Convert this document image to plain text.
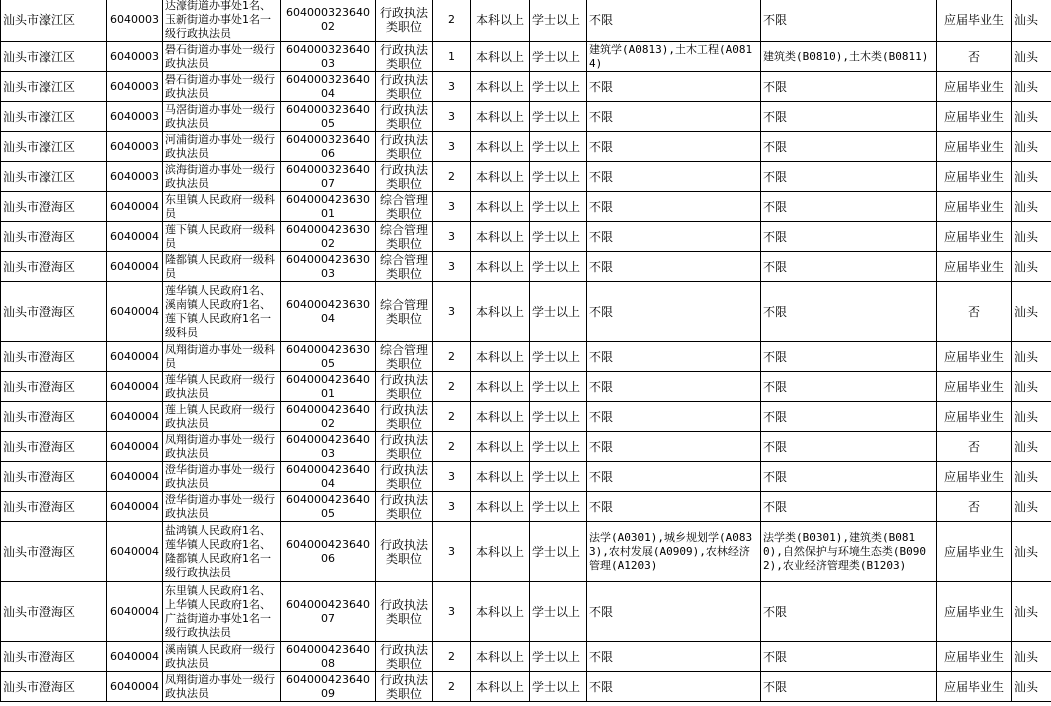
汕头市濠江区	6040003	达濠街道办事处1名、玉新街道办事处1名一级行政执法员	60400032364002	行政执法类职位	2	本科以上	学士以上	不限	不限	应届毕业生	汕头
汕头市濠江区	6040003	礐石街道办事处一级行政执法员	60400032364003	行政执法类职位	1	本科以上	学士以上	建筑学(A0813),土木工程(A0814)	建筑类(B0810),土木类(B0811)	否	汕头
汕头市濠江区	6040003	礐石街道办事处一级行政执法员	60400032364004	行政执法类职位	3	本科以上	学士以上	不限	不限	应届毕业生	汕头
汕头市濠江区	6040003	马滘街道办事处一级行政执法员	60400032364005	行政执法类职位	3	本科以上	学士以上	不限	不限	应届毕业生	汕头
汕头市濠江区	6040003	河浦街道办事处一级行政执法员	60400032364006	行政执法类职位	3	本科以上	学士以上	不限	不限	应届毕业生	汕头
汕头市濠江区	6040003	滨海街道办事处一级行政执法员	60400032364007	行政执法类职位	2	本科以上	学士以上	不限	不限	应届毕业生	汕头
汕头市澄海区	6040004	东里镇人民政府一级科员	60400042363001	综合管理类职位	3	本科以上	学士以上	不限	不限	应届毕业生	汕头
汕头市澄海区	6040004	莲下镇人民政府一级科员	60400042363002	综合管理类职位	3	本科以上	学士以上	不限	不限	应届毕业生	汕头
汕头市澄海区	6040004	隆都镇人民政府一级科员	60400042363003	综合管理类职位	3	本科以上	学士以上	不限	不限	应届毕业生	汕头
汕头市澄海区	6040004	莲华镇人民政府1名、溪南镇人民政府1名、莲下镇人民政府1名一级科员	60400042363004	综合管理类职位	3	本科以上	学士以上	不限	不限	否	汕头
汕头市澄海区	6040004	凤翔街道办事处一级科员	60400042363005	综合管理类职位	2	本科以上	学士以上	不限	不限	应届毕业生	汕头
汕头市澄海区	6040004	莲华镇人民政府一级行政执法员	60400042364001	行政执法类职位	2	本科以上	学士以上	不限	不限	应届毕业生	汕头
汕头市澄海区	6040004	莲上镇人民政府一级行政执法员	60400042364002	行政执法类职位	2	本科以上	学士以上	不限	不限	应届毕业生	汕头
汕头市澄海区	6040004	凤翔街道办事处一级行政执法员	60400042364003	行政执法类职位	2	本科以上	学士以上	不限	不限	否	汕头
汕头市澄海区	6040004	澄华街道办事处一级行政执法员	60400042364004	行政执法类职位	3	本科以上	学士以上	不限	不限	应届毕业生	汕头
汕头市澄海区	6040004	澄华街道办事处一级行政执法员	60400042364005	行政执法类职位	3	本科以上	学士以上	不限	不限	否	汕头
汕头市澄海区	6040004	盐鸿镇人民政府1名、莲华镇人民政府1名、隆都镇人民政府1名一级行政执法员	60400042364006	行政执法类职位	3	本科以上	学士以上	法学(A0301),城乡规划学(A0833),农村发展(A0909),农林经济管理(A1203)	法学类(B0301),建筑类(B0810),自然保护与环境生态类(B0902),农业经济管理类(B1203)	应届毕业生	汕头
汕头市澄海区	6040004	东里镇人民政府1名、上华镇人民政府1名、广益街道办事处1名一级行政执法员	60400042364007	行政执法类职位	3	本科以上	学士以上	不限	不限	应届毕业生	汕头
汕头市澄海区	6040004	溪南镇人民政府一级行政执法员	60400042364008	行政执法类职位	2	本科以上	学士以上	不限	不限	应届毕业生	汕头
汕头市澄海区	6040004	凤翔街道办事处一级行政执法员	60400042364009	行政执法类职位	2	本科以上	学士以上	不限	不限	应届毕业生	汕头
